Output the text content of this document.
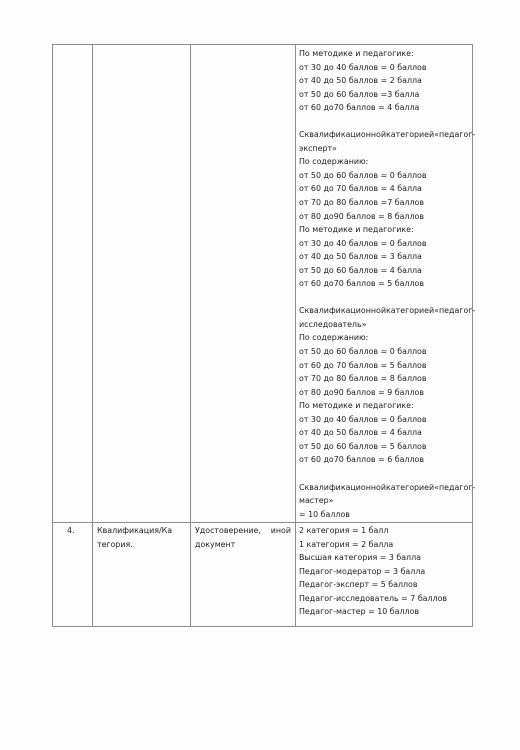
По методике и педагогике:
от 30 до 40 баллов = 0 баллов
от 40 до 50 баллов = 2 балла
от 50 до 60 баллов =3 балла
от 60 до70 баллов = 4 балла
С квалификационной категорией «педагог-
эксперт»
По содержанию:
от 50 до 60 баллов = 0 баллов
от 60 до 70 баллов = 4 балла
от 70 до 80 баллов =7 баллов
от 80 до90 баллов = 8 баллов
По методике и педагогике:
от 30 до 40 баллов = 0 баллов
от 40 до 50 баллов = 3 балла
от 50 до 60 баллов = 4 балла
от 60 до70 баллов = 5 баллов
С квалификационной категорией «педагог-
исследователь»
По содержанию:
от 50 до 60 баллов = 0 баллов
от 60 до 70 баллов = 5 баллов
от 70 до 80 баллов = 8 баллов
от 80 до90 баллов = 9 баллов
По методике и педагогике:
от 30 до 40 баллов = 0 баллов
от 40 до 50 баллов = 4 балла
от 50 до 60 баллов = 5 баллов
от 60 до70 баллов = 6 баллов
С квалификационной категорией «педагог-
мастер»
= 10 баллов
4.	Квалификация/Ка
тегория.
Удостоверение, иной
документ
2 категория = 1 балл
1 категория = 2 балла
Высшая категория = 3 балла
Педагог-модератор = 3 балла
Педагог-эксперт = 5 баллов
Педагог-исследователь = 7 баллов
Педагог-мастер = 10 баллов
